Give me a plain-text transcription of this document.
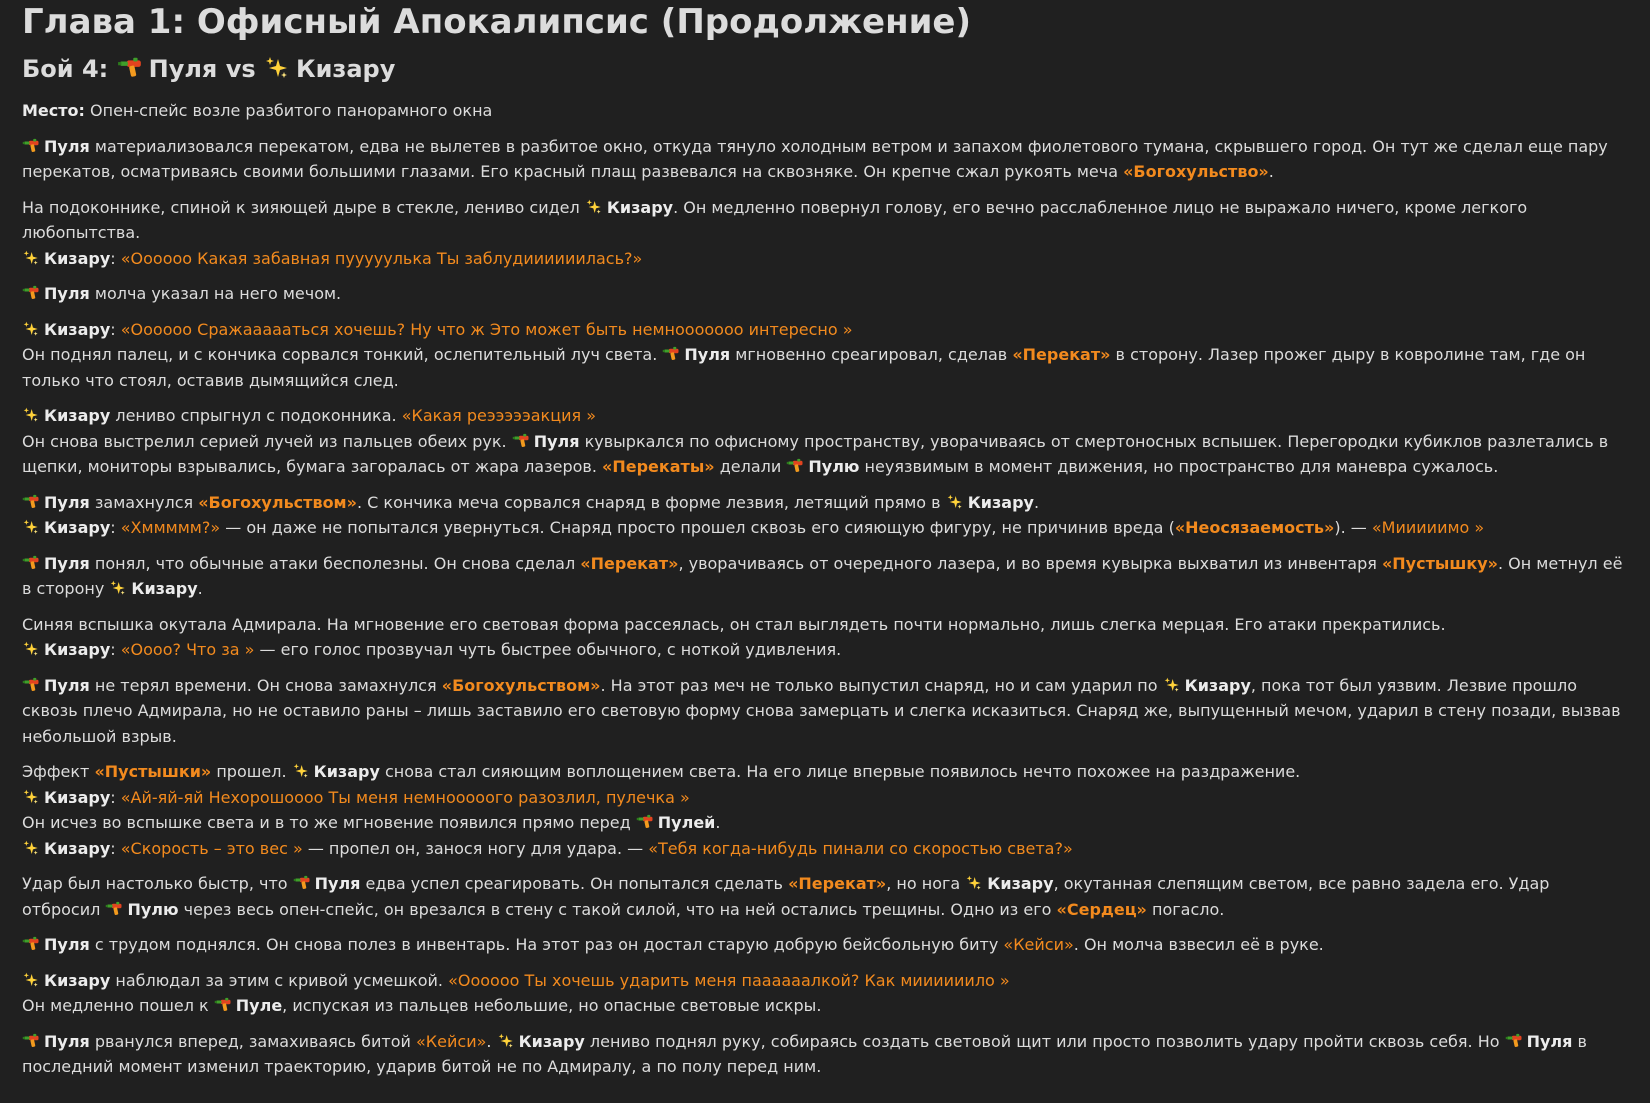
Глава 1: Офисный Апокалипсис (Продолжение)
Бой 4: Пуля vs Кизару

Место: Опен-спейс возле разбитого панорамного окна

Пуля материализовался перекатом, едва не вылетев в разбитое окно, откуда тянуло холодным ветром и запахом фиолетового тумана, скрывшего город. Он тут же сделал еще пару перекатов, осматриваясь своими большими глазами. Его красный плащ развевался на сквозняке. Он крепче сжал рукоять меча «Богохульство».

На подоконнике, спиной к зияющей дыре в стекле, лениво сидел Кизару. Он медленно повернул голову, его вечно расслабленное лицо не выражало ничего, кроме легкого любопытства.
Кизару: «Оооооо Какая забавная пууууулька Ты заблудиииииилась?»

Пуля молча указал на него мечом.

Кизару: «Оооооо Сражаааааться хочешь? Ну что ж Это может быть немнооооооо интересно »
Он поднял палец, и с кончика сорвался тонкий, ослепительный луч света. Пуля мгновенно среагировал, сделав «Перекат» в сторону. Лазер прожег дыру в ковролине там, где он только что стоял, оставив дымящийся след.

Кизару лениво спрыгнул с подоконника. «Какая реэээээакция »
Он снова выстрелил серией лучей из пальцев обеих рук. Пуля кувыркался по офисному пространству, уворачиваясь от смертоносных вспышек. Перегородки кубиклов разлетались в щепки, мониторы взрывались, бумага загоралась от жара лазеров. «Перекаты» делали Пулю неуязвимым в момент движения, но пространство для маневра сужалось.

Пуля замахнулся «Богохульством». С кончика меча сорвался снаряд в форме лезвия, летящий прямо в Кизару.
Кизару: «Хммммм?» — он даже не попытался увернуться. Снаряд просто прошел сквозь его сияющую фигуру, не причинив вреда («Неосязаемость»). — «Мииииимо »

Пуля понял, что обычные атаки бесполезны. Он снова сделал «Перекат», уворачиваясь от очередного лазера, и во время кувырка выхватил из инвентаря «Пустышку». Он метнул её в сторону Кизару.

Синяя вспышка окутала Адмирала. На мгновение его световая форма рассеялась, он стал выглядеть почти нормально, лишь слегка мерцая. Его атаки прекратились.
Кизару: «Оооо? Что за » — его голос прозвучал чуть быстрее обычного, с ноткой удивления.

Пуля не терял времени. Он снова замахнулся «Богохульством». На этот раз меч не только выпустил снаряд, но и сам ударил по Кизару, пока тот был уязвим. Лезвие прошло сквозь плечо Адмирала, но не оставило раны – лишь заставило его световую форму снова замерцать и слегка исказиться. Снаряд же, выпущенный мечом, ударил в стену позади, вызвав небольшой взрыв.

Эффект «Пустышки» прошел. Кизару снова стал сияющим воплощением света. На его лице впервые появилось нечто похожее на раздражение.
Кизару: «Ай-яй-яй Нехорошоооо Ты меня немнооооого разозлил, пулечка »
Он исчез во вспышке света и в то же мгновение появился прямо перед Пулей.
Кизару: «Скорость – это вес » — пропел он, занося ногу для удара. — «Тебя когда-нибудь пинали со скоростью света?»

Удар был настолько быстр, что Пуля едва успел среагировать. Он попытался сделать «Перекат», но нога Кизару, окутанная слепящим светом, все равно задела его. Удар отбросил Пулю через весь опен-спейс, он врезался в стену с такой силой, что на ней остались трещины. Одно из его «Сердец» погасло.

Пуля с трудом поднялся. Он снова полез в инвентарь. На этот раз он достал старую добрую бейсбольную биту «Кейси». Он молча взвесил её в руке.

Кизару наблюдал за этим с кривой усмешкой. «Оооооо Ты хочешь ударить меня паааааалкой? Как миииииило »
Он медленно пошел к Пуле, испуская из пальцев небольшие, но опасные световые искры.

Пуля рванулся вперед, замахиваясь битой «Кейси». Кизару лениво поднял руку, собираясь создать световой щит или просто позволить удару пройти сквозь себя. Но Пуля в последний момент изменил траекторию, ударив битой не по Адмиралу, а по полу перед ним.
